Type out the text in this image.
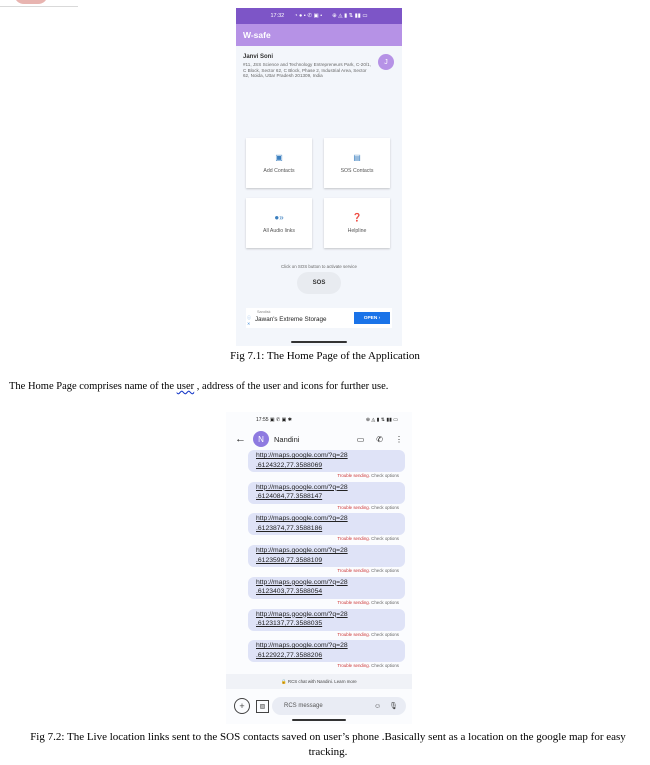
17:32 ◔ ● ▪ ✆ ▣ • ⊕ ◬ ▮ ⇅ ▮▮ ▭
W-safe
Janvi Soni
#11, JSS Science and Technology Entrepreneurs Park, C-20/1, C Block, Sector 62, C Block, Phase 2, Industrial Area, Sector 62, Noida, Uttar Pradesh 201309, India
J
▣
Add Contacts
▤
SOS Contacts
●»
All Audio links
❓
Helpline
Click on SOS button to activate service
SOS
ⓘ
✕
Sandisk
Jawan's Extreme Storage	OPEN ›
Fig 7.1: The Home Page of the Application
The Home Page comprises name of the user , address of the user and icons for further use.
17:55 ▣ ✆ ▣ ✱	⊕ ◬ ▮ ⇅ ▮▮ ▭
←	N	Nandini	▭ ✆ ⋮
http://maps.google.com/?q=28
.6124322,77.3588069
Trouble sending. Check options
http://maps.google.com/?q=28
.6124084,77.3588147
Trouble sending. Check options
http://maps.google.com/?q=28
.6123874,77.3588186
Trouble sending. Check options
http://maps.google.com/?q=28
.6123598,77.3588109
Trouble sending. Check options
http://maps.google.com/?q=28
.6123403,77.3588054
Trouble sending. Check options
http://maps.google.com/?q=28
.6123137,77.3588035
Trouble sending. Check options
http://maps.google.com/?q=28
.6122922,77.3588206
Trouble sending. Check options
🔒 RCS chat with Nandini. Learn more
+	▨	RCS message	☺ 🎙
Fig 7.2: The Live location links sent to the SOS contacts saved on user’s phone .Basically sent as a location on the google map for easy tracking.
